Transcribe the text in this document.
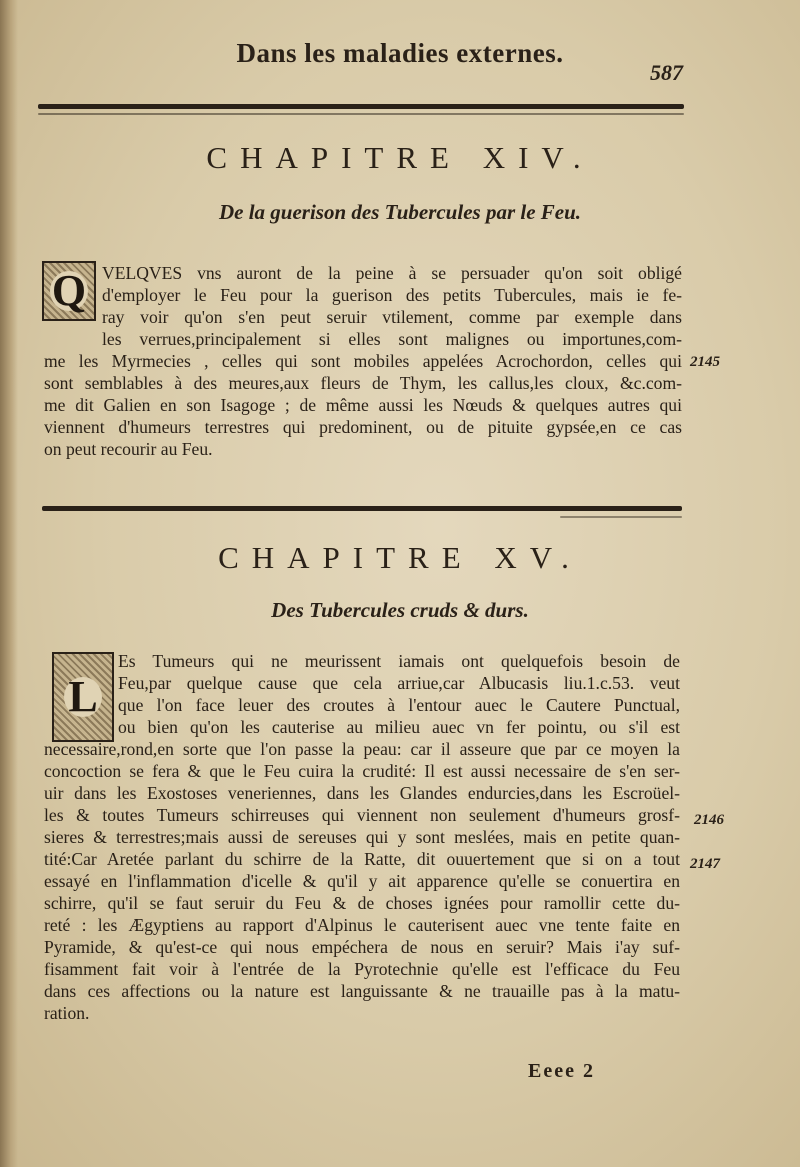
Dans les maladies externes.
587
CHAPITRE XIV.
De la guerison des Tubercules par le Feu.
Q VELQVES vns auront de la peine à se persuader qu'on soit obligé
d'employer le Feu pour la guerison des petits Tubercules, mais ie fe-
ray voir qu'on s'en peut seruir vtilement, comme par exemple dans
les verrues,principalement si elles sont malignes ou importunes,com-
me les Myrmecies , celles qui sont mobiles appelées Acrochordon, celles qui
sont semblables à des meures,aux fleurs de Thym, les callus,les cloux, &c.com-
me dit Galien en son Isagoge ; de même aussi les Nœuds & quelques autres qui
viennent d'humeurs terrestres qui predominent, ou de pituite gypsée,en ce cas
on peut recourir au Feu.
2145
CHAPITRE XV.
Des Tubercules cruds & durs.
L
Es Tumeurs qui ne meurissent iamais ont quelquefois besoin de
Feu,par quelque cause que cela arriue,car Albucasis liu.1.c.53. veut
que l'on face leuer des croutes à l'entour auec le Cautere Punctual,
ou bien qu'on les cauterise au milieu auec vn fer pointu, ou s'il est
necessaire,rond,en sorte que l'on passe la peau: car il asseure que par ce moyen la
concoction se fera & que le Feu cuira la crudité: Il est aussi necessaire de s'en ser-
uir dans les Exostoses veneriennes, dans les Glandes endurcies,dans les Escroüel-
les & toutes Tumeurs schirreuses qui viennent non seulement d'humeurs grosf-
sieres & terrestres;mais aussi de sereuses qui y sont meslées, mais en petite quan-
tité:Car Aretée parlant du schirre de la Ratte, dit ouuertement que si on a tout
essayé en l'inflammation d'icelle & qu'il y ait apparence qu'elle se conuertira en
schirre, qu'il se faut seruir du Feu & de choses ignées pour ramollir cette du-
reté : les Ægyptiens au rapport d'Alpinus le cauterisent auec vne tente faite en
Pyramide, & qu'est-ce qui nous empéchera de nous en seruir? Mais i'ay suf-
fisamment fait voir à l'entrée de la Pyrotechnie qu'elle est l'efficace du Feu
dans ces affections ou la nature est languissante & ne trauaille pas à la matu-
ration.
2146
2147
Eeee 2
